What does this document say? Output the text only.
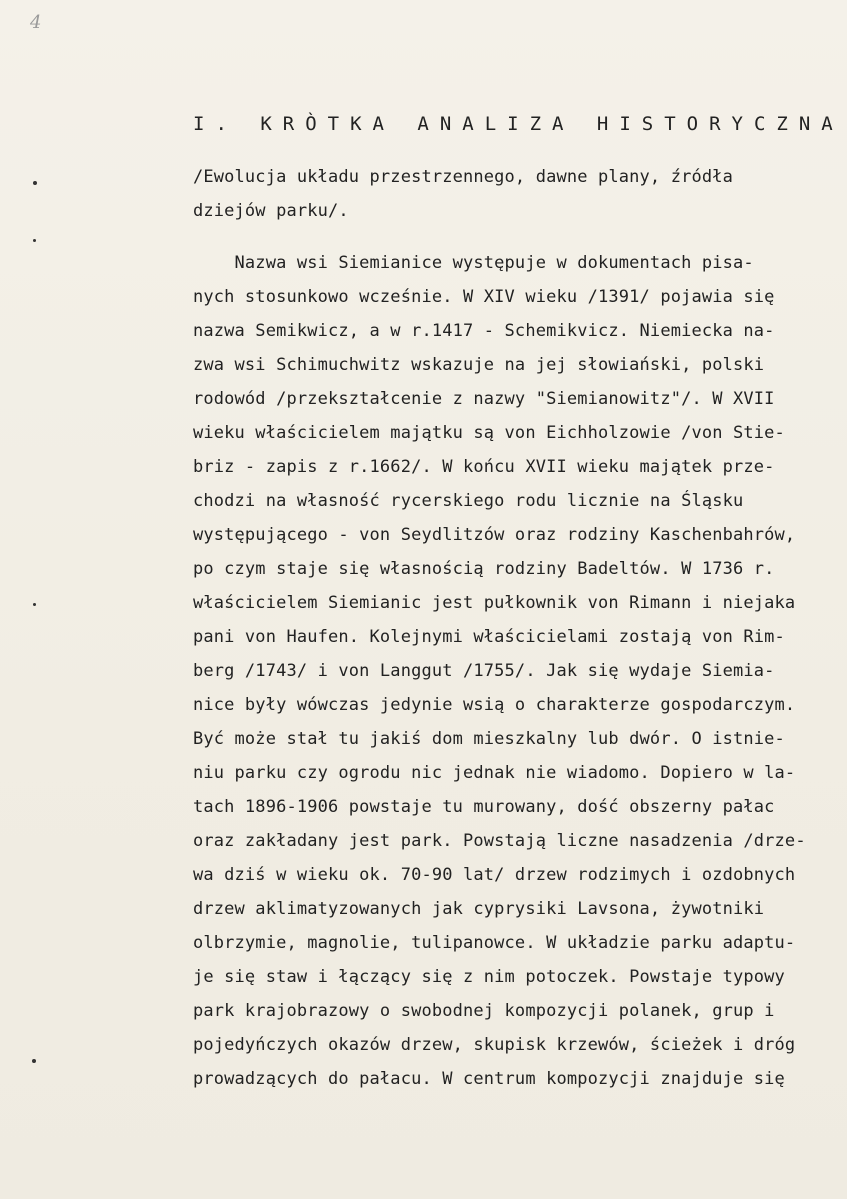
4
I. KRÒTKA ANALIZA HISTORYCZNA
/Ewolucja układu przestrzennego, dawne plany, źródła
dziejów parku/.
Nazwa wsi Siemianice występuje w dokumentach pisa-
nych stosunkowo wcześnie. W XIV wieku /1391/ pojawia się
nazwa Semikwicz, a w r.1417 - Schemikvicz. Niemiecka na-
zwa wsi Schimuchwitz wskazuje na jej słowiański, polski
rodowód /przekształcenie z nazwy "Siemianowitz"/. W XVII
wieku właścicielem majątku są von Eichholzowie /von Stie-
briz - zapis z r.1662/. W końcu XVII wieku majątek prze-
chodzi na własność rycerskiego rodu licznie na Śląsku
występującego - von Seydlitzów oraz rodziny Kaschenbahrów,
po czym staje się własnością rodziny Badeltów. W 1736 r.
właścicielem Siemianic jest pułkownik von Rimann i niejaka
pani von Haufen. Kolejnymi właścicielami zostają von Rim-
berg /1743/ i von Langgut /1755/. Jak się wydaje Siemia-
nice były wówczas jedynie wsią o charakterze gospodarczym.
Być może stał tu jakiś dom mieszkalny lub dwór. O istnie-
niu parku czy ogrodu nic jednak nie wiadomo. Dopiero w la-
tach 1896-1906 powstaje tu murowany, dość obszerny pałac
oraz zakładany jest park. Powstają liczne nasadzenia /drze-
wa dziś w wieku ok. 70-90 lat/ drzew rodzimych i ozdobnych
drzew aklimatyzowanych jak cyprysiki Lavsona, żywotniki
olbrzymie, magnolie, tulipanowce. W układzie parku adaptu-
je się staw i łączący się z nim potoczek. Powstaje typowy
park krajobrazowy o swobodnej kompozycji polanek, grup i
pojedyńczych okazów drzew, skupisk krzewów, ścieżek i dróg
prowadzących do pałacu. W centrum kompozycji znajduje się
